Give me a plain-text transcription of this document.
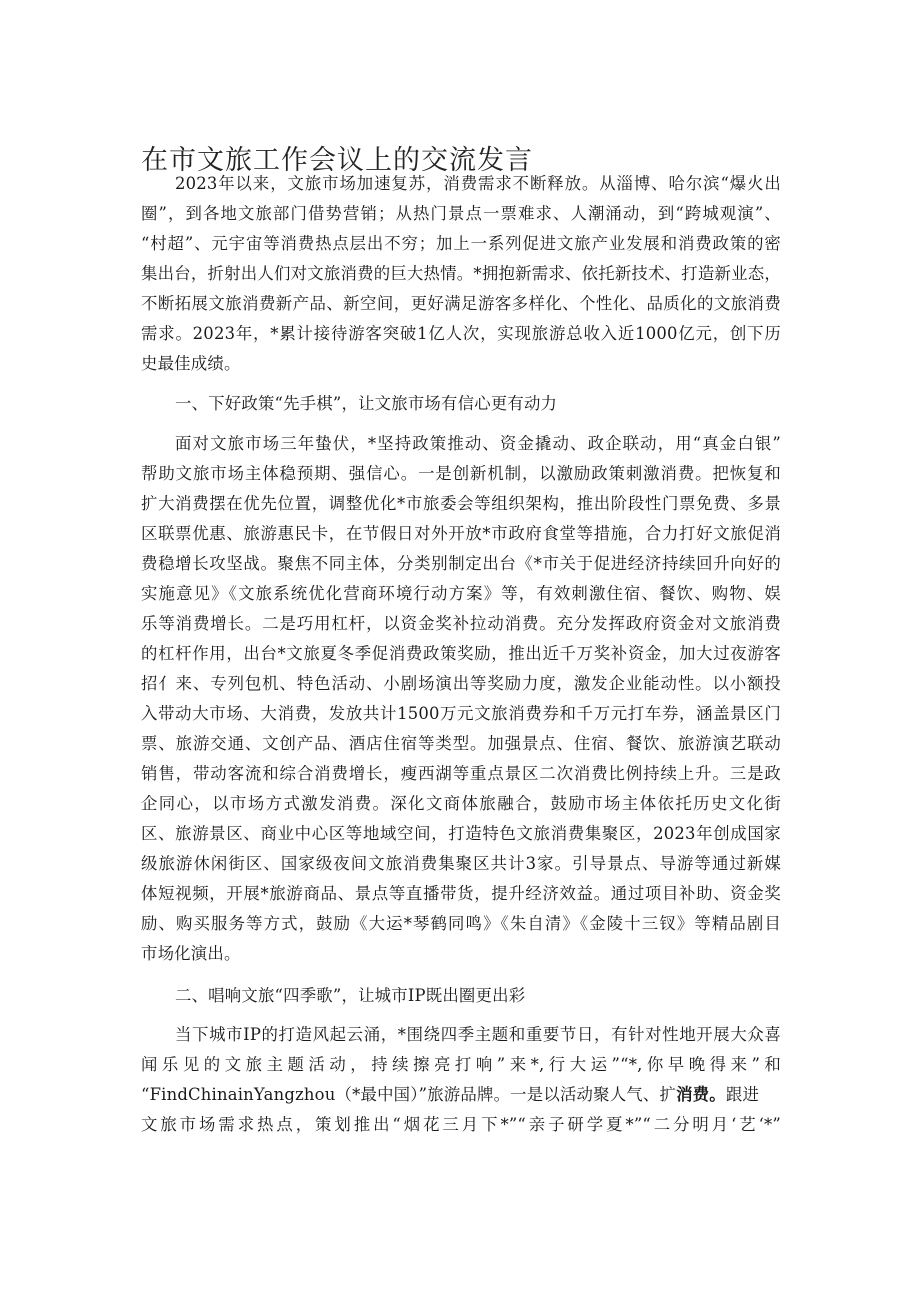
在市文旅工作会议上的交流发言
2023年以来，文旅市场加速复苏，消费需求不断释放。从淄博、哈尔滨“爆火出
圈”，到各地文旅部门借势营销；从热门景点一票难求、人潮涌动，到“跨城观演”、
“村超”、元宇宙等消费热点层出不穷；加上一系列促进文旅产业发展和消费政策的密
集出台，折射出人们对文旅消费的巨大热情。*拥抱新需求、依托新技术、打造新业态，
不断拓展文旅消费新产品、新空间，更好满足游客多样化、个性化、品质化的文旅消费
需求。2023年，*累计接待游客突破1亿人次，实现旅游总收入近1000亿元，创下历
史最佳成绩。
一、下好政策“先手棋”，让文旅市场有信心更有动力
面对文旅市场三年蛰伏，*坚持政策推动、资金撬动、政企联动，用“真金白银”
帮助文旅市场主体稳预期、强信心。一是创新机制，以激励政策刺激消费。把恢复和
扩大消费摆在优先位置，调整优化*市旅委会等组织架构，推出阶段性门票免费、多景
区联票优惠、旅游惠民卡，在节假日对外开放*市政府食堂等措施，合力打好文旅促消
费稳增长攻坚战。聚焦不同主体，分类别制定出台《*市关于促进经济持续回升向好的
实施意见》《文旅系统优化营商环境行动方案》等，有效刺激住宿、餐饮、购物、娱
乐等消费增长。二是巧用杠杆，以资金奖补拉动消费。充分发挥政府资金对文旅消费
的杠杆作用，出台*文旅夏冬季促消费政策奖励，推出近千万奖补资金，加大过夜游客
招亻来、专列包机、特色活动、小剧场演出等奖励力度，激发企业能动性。以小额投
入带动大市场、大消费，发放共计1500万元文旅消费券和千万元打车券，涵盖景区门
票、旅游交通、文创产品、酒店住宿等类型。加强景点、住宿、餐饮、旅游演艺联动
销售，带动客流和综合消费增长，瘦西湖等重点景区二次消费比例持续上升。三是政
企同心，以市场方式激发消费。深化文商体旅融合，鼓励市场主体依托历史文化街
区、旅游景区、商业中心区等地域空间，打造特色文旅消费集聚区，2023年创成国家
级旅游休闲街区、国家级夜间文旅消费集聚区共计3家。引导景点、导游等通过新媒
体短视频，开展*旅游商品、景点等直播带货，提升经济效益。通过项目补助、资金奖
励、购买服务等方式，鼓励《大运*琴鹤同鸣》《朱自清》《金陵十三钗》等精品剧目
市场化演出。
二、唱响文旅“四季歌”，让城市IP既出圈更出彩
当下城市IP的打造风起云涌，*围绕四季主题和重要节日，有针对性地开展大众喜
闻乐见的文旅主题活动，持续擦亮打响”来*,行大运”“*,你早晚得来”和
“FindChinainYangzhou（*最中国）”旅游品牌。一是以活动聚人气、扩消费。跟进
文旅市场需求热点，策划推出“烟花三月下*”“亲子研学夏*”“二分明月‘艺‘*”
